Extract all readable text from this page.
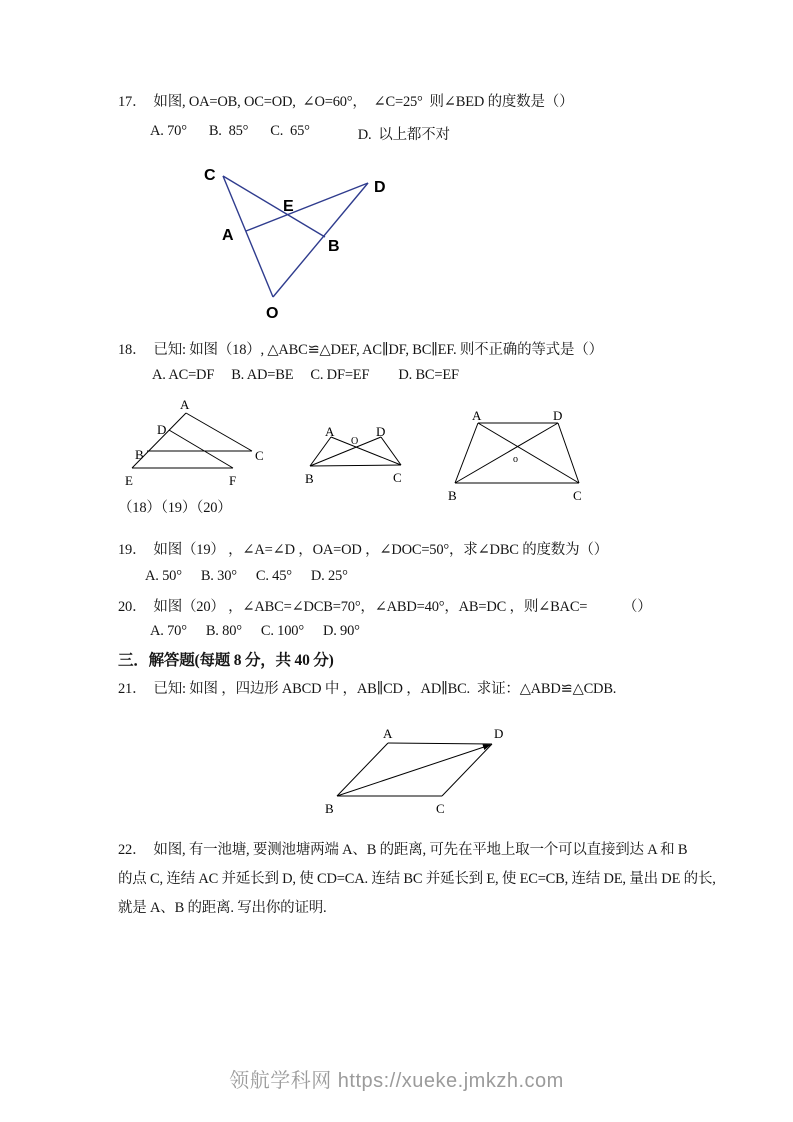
17． 如图, OA=OB, OC=OD,  ∠O=60°，  ∠C=25°  则∠BED 的度数是（）
A. 70° B.  85° C.  65°	D.  以上都不对
C
D
E
A
B
O
18． 已知: 如图（18）, △ABC≌△DEF, AC∥DF, BC∥EF. 则不正确的等式是（）
A. AC=DF B. AD=BE C. DF=EF D. BC=EF
A
D
B	C
E	F
A
O
D
B	C
A	D
B	C
o
（18）（19）（20）
19． 如图（19） ，∠A=∠D ，OA=OD ，∠DOC=50°，求∠DBC 的度数为（）
A. 50° B. 30° C. 45° D. 25°
20． 如图（20） ，∠ABC=∠DCB=70°，∠ABD=40°，AB=DC ，则∠BAC=　　　（）
A. 70° B. 80° C. 100° D. 90°
三．解答题(每题 8 分，共 40 分)
21． 已知: 如图 ，四边形 ABCD 中 ，AB∥CD ，AD∥BC.  求证：△ABD≌△CDB.
A	D
B	C
22． 如图, 有一池塘, 要测池塘两端 A、B 的距离, 可先在平地上取一个可以直接到达 A 和 B
的点 C, 连结 AC 并延长到 D, 使 CD=CA. 连结 BC 并延长到 E, 使 EC=CB, 连结 DE, 量出 DE 的长,
就是 A、B 的距离. 写出你的证明.
领航学科网 https://xueke.jmkzh.com
